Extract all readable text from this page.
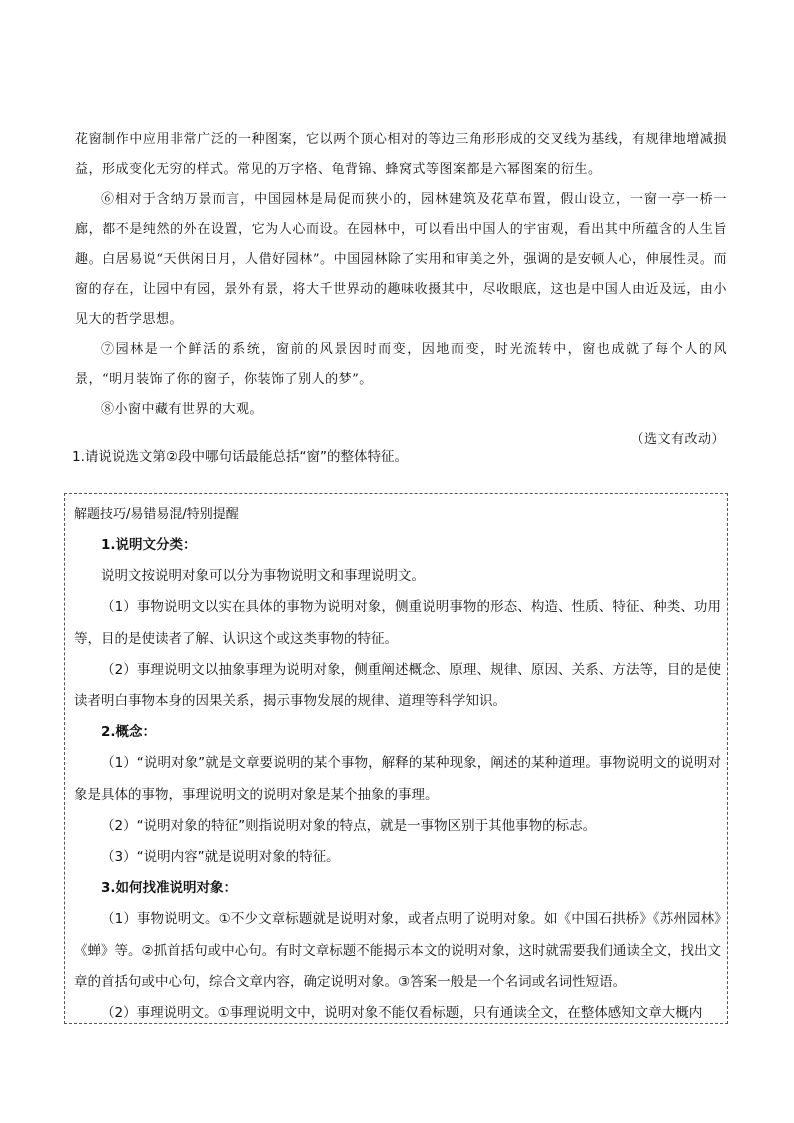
花窗制作中应用非常广泛的一种图案，它以两个顶心相对的等边三角形形成的交叉线为基线，有规律地增减损益，形成变化无穷的样式。常见的万字格、龟背锦、蜂窝式等图案都是六幂图案的衍生。

⑥相对于含纳万景而言，中国园林是局促而狭小的，园林建筑及花草布置，假山设立，一窗一亭一桥一廊，都不是纯然的外在设置，它为人心而设。在园林中，可以看出中国人的宇宙观，看出其中所蕴含的人生旨趣。白居易说“天供闲日月，人借好园林”。中国园林除了实用和审美之外，强调的是安顿人心，伸展性灵。而窗的存在，让园中有园，景外有景，将大千世界动的趣味收摄其中，尽收眼底，这也是中国人由近及远，由小见大的哲学思想。

⑦园林是一个鲜活的系统，窗前的风景因时而变，因地而变，时光流转中，窗也成就了每个人的风景，“明月装饰了你的窗子，你装饰了别人的梦”。

⑧小窗中藏有世界的大观。

（选文有改动）

1.请说说选文第②段中哪句话最能总括“窗”的整体特征。

解题技巧/易错易混/特别提醒

1.说明文分类：

说明文按说明对象可以分为事物说明文和事理说明文。

（1）事物说明文以实在具体的事物为说明对象，侧重说明事物的形态、构造、性质、特征、种类、功用等，目的是使读者了解、认识这个或这类事物的特征。

（2）事理说明文以抽象事理为说明对象，侧重阐述概念、原理、规律、原因、关系、方法等，目的是使读者明白事物本身的因果关系，揭示事物发展的规律、道理等科学知识。

2.概念：

（1）“说明对象”就是文章要说明的某个事物，解释的某种现象，阐述的某种道理。事物说明文的说明对象是具体的事物，事理说明文的说明对象是某个抽象的事理。

（2）“说明对象的特征”则指说明对象的特点，就是一事物区别于其他事物的标志。

（3）“说明内容”就是说明对象的特征。

3.如何找准说明对象：

（1）事物说明文。①不少文章标题就是说明对象，或者点明了说明对象。如《中国石拱桥》《苏州园林》《蝉》等。②抓首括句或中心句。有时文章标题不能揭示本文的说明对象，这时就需要我们通读全文，找出文章的首括句或中心句，综合文章内容，确定说明对象。③答案一般是一个名词或名词性短语。

（2）事理说明文。①事理说明文中，说明对象不能仅看标题，只有通读全文，在整体感知文章大概内
